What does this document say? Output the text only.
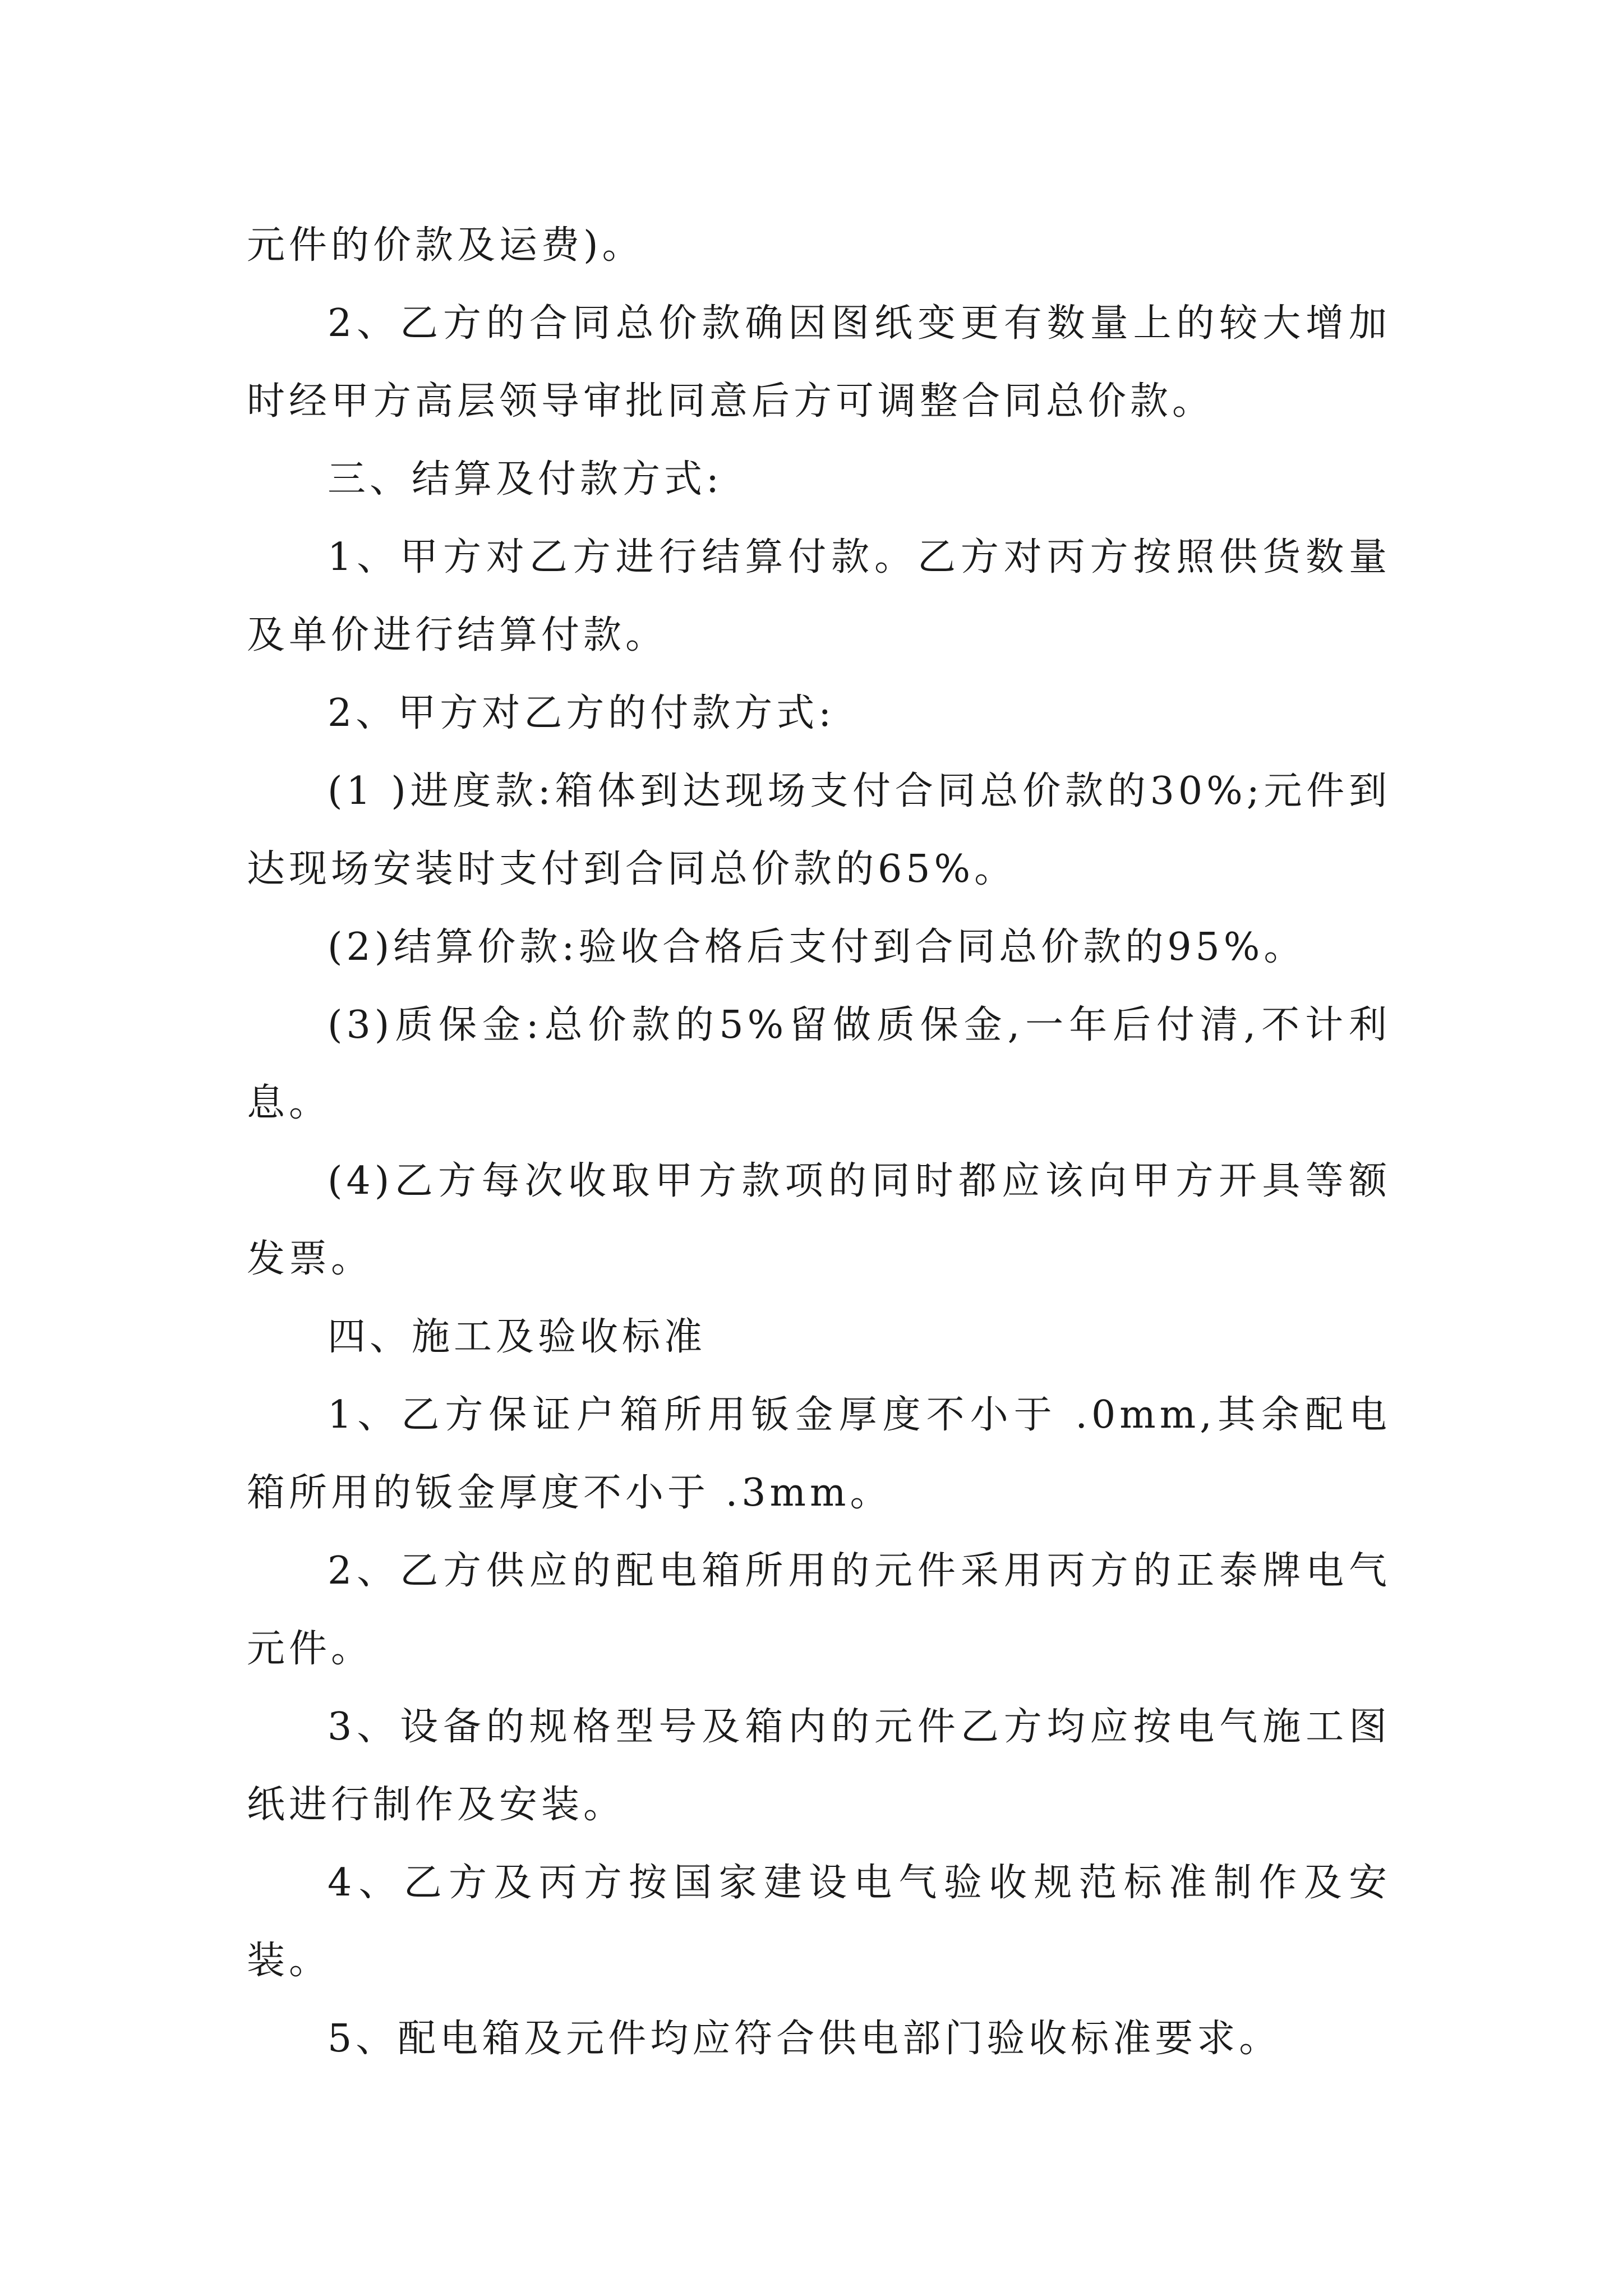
元件的价款及运费)。

2、乙方的合同总价款确因图纸变更有数量上的较大增加时经甲方高层领导审批同意后方可调整合同总价款。

三、结算及付款方式:

1、甲方对乙方进行结算付款。乙方对丙方按照供货数量及单价进行结算付款。

2、甲方对乙方的付款方式:

(1 )进度款:箱体到达现场支付合同总价款的30%;元件到达现场安装时支付到合同总价款的65%。

(2)结算价款:验收合格后支付到合同总价款的95%。

(3)质保金:总价款的5%留做质保金,一年后付清,不计利息。

(4)乙方每次收取甲方款项的同时都应该向甲方开具等额发票。

四、施工及验收标准

1、乙方保证户箱所用钣金厚度不小于 .0mm,其余配电箱所用的钣金厚度不小于 .3mm。

2、乙方供应的配电箱所用的元件采用丙方的正泰牌电气元件。

3、设备的规格型号及箱内的元件乙方均应按电气施工图纸进行制作及安装。

4、乙方及丙方按国家建设电气验收规范标准制作及安装。

5、配电箱及元件均应符合供电部门验收标准要求。
